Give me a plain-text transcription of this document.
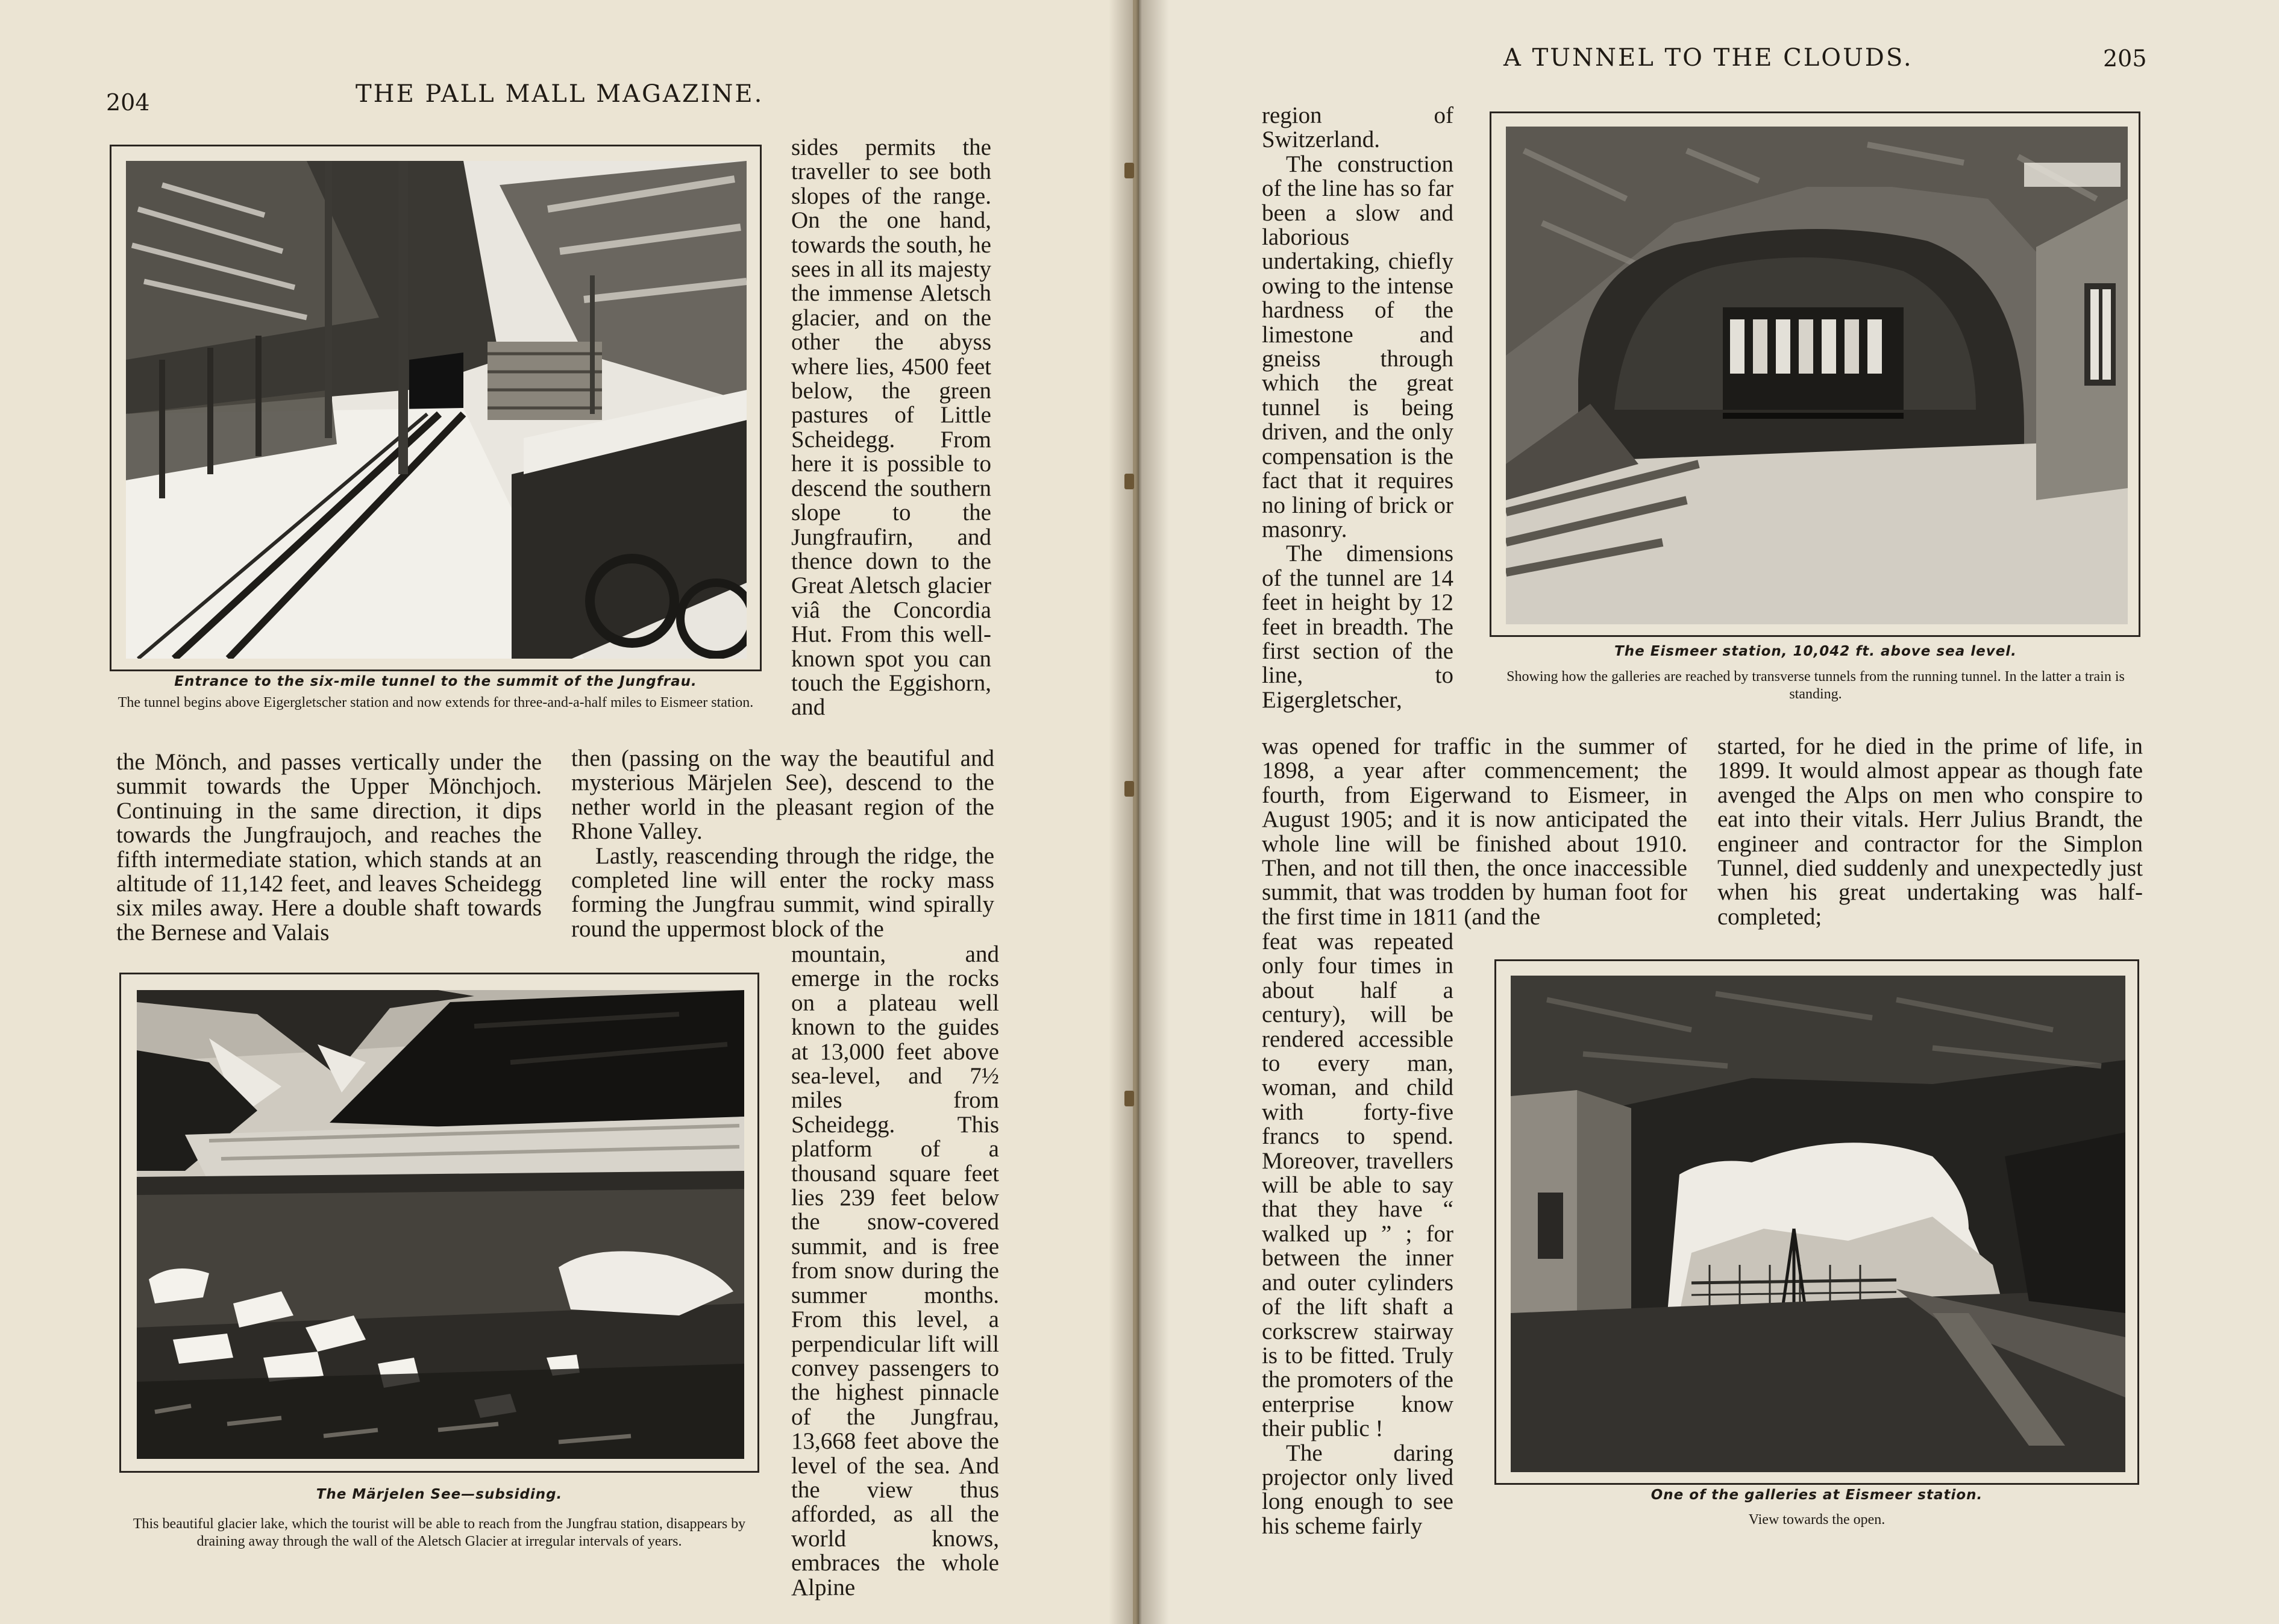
204	THE PALL MALL MAGAZINE.
Entrance to the six-mile tunnel to the summit of the Jungfrau.
The tunnel begins above Eigergletscher station and now extends for three-and-a-half miles to Eismeer station.

sides permits the traveller to see both slopes of the range. On the one hand, towards the south, he sees in all its majesty the immense Aletsch glacier, and on the other the abyss where lies, 4500 feet below, the green pastures of Little Scheidegg. From here it is possible to descend the southern slope to the Jungfraufirn, and thence down to the Great Aletsch glacier viâ the Concordia Hut. From this well-known spot you can touch the Eggishorn, and

the Mönch, and passes vertically under the summit towards the Upper Mönchjoch. Continuing in the same direction, it dips towards the Jungfraujoch, and reaches the fifth intermediate station, which stands at an altitude of 11,142 feet, and leaves Scheidegg six miles away. Here a double shaft towards the Bernese and Valais

then (passing on the way the beautiful and mysterious Märjelen See), descend to the nether world in the pleasant region of the Rhone Valley.

Lastly, reascending through the ridge, the completed line will enter the rocky mass forming the Jungfrau summit, wind spirally round the uppermost block of the

The Märjelen See—subsiding.
This beautiful glacier lake, which the tourist will be able to reach from the Jungfrau station, disappears by draining away through the wall of the Aletsch Glacier at irregular intervals of years.

mountain, and emerge in the rocks on a plateau well known to the guides at 13,000 feet above sea-level, and 7½ miles from Scheidegg. This platform of a thousand square feet lies 239 feet below the snow-covered summit, and is free from snow during the summer months. From this level, a perpendicular lift will convey passengers to the highest pinnacle of the Jungfrau, 13,668 feet above the level of the sea. And the view thus afforded, as all the world knows, embraces the whole Alpine

A TUNNEL TO THE CLOUDS.	205

region of Switzerland.

The construction of the line has so far been a slow and laborious undertaking, chiefly owing to the intense hardness of the limestone and gneiss through which the great tunnel is being driven, and the only compensation is the fact that it requires no lining of brick or masonry.

The dimensions of the tunnel are 14 feet in height by 12 feet in breadth. The first section of the line, to Eigergletscher,

The Eismeer station, 10,042 ft. above sea level.
Showing how the galleries are reached by transverse tunnels from the running tunnel. In the latter a train is standing.

was opened for traffic in the summer of 1898, a year after commencement; the fourth, from Eigerwand to Eismeer, in August 1905; and it is now anticipated the whole line will be finished about 1910. Then, and not till then, the once inaccessible summit, that was trodden by human foot for the first time in 1811 (and the

started, for he died in the prime of life, in 1899. It would almost appear as though fate avenged the Alps on men who conspire to eat into their vitals. Herr Julius Brandt, the engineer and contractor for the Simplon Tunnel, died suddenly and unexpectedly just when his great undertaking was half-completed;

feat was repeated only four times in about half a century), will be rendered accessible to every man, woman, and child with forty-five francs to spend. Moreover, travellers will be able to say that they have “ walked up ” ; for between the inner and outer cylinders of the lift shaft a corkscrew stairway is to be fitted. Truly the promoters of the enterprise know their public !

The daring projector only lived long enough to see his scheme fairly

One of the galleries at Eismeer station.
View towards the open.
